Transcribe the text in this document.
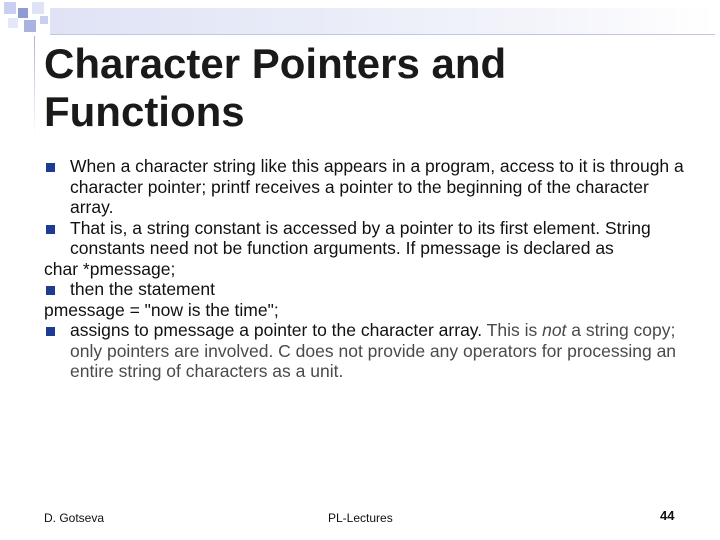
Character Pointers and
Functions
When a character string like this appears in a program, access to it is through a character pointer; printf receives a pointer to the beginning of the character array.
That is, a string constant is accessed by a pointer to its first element. String constants need not be function arguments. If pmessage is declared as
char *pmessage;
then the statement
pmessage = "now is the time";
assigns to pmessage a pointer to the character array. This is not a string copy; only pointers are involved. C does not provide any operators for processing an entire string of characters as a unit.
D. Gotseva	PL-Lectures	44
